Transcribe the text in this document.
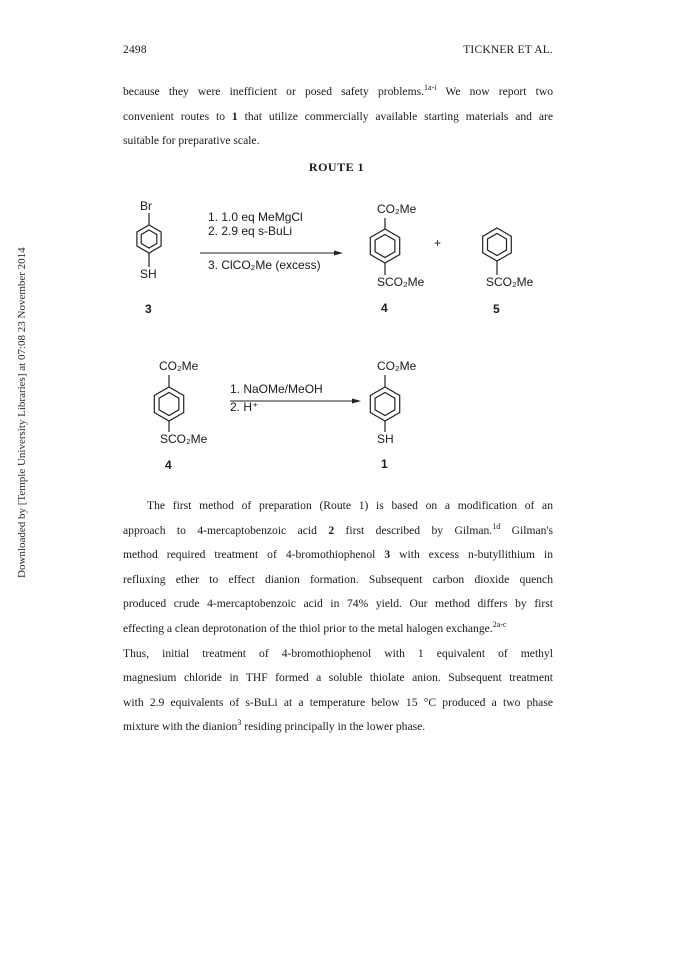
2498	TICKNER ET AL.
Downloaded by [Temple University Libraries] at 07:08 23 November 2014
because they were inefficient or posed safety problems.$^{1a-i}$ We now report two
convenient routes to 1 that utilize commercially available starting materials and are
suitable for preparative scale.
ROUTE 1
Br
SH
3
1. 1.0 eq MeMgCl
2. 2.9 eq s-BuLi
3. ClCO₂Me (excess)
CO₂Me
SCO₂Me
4
+
SCO₂Me
5
CO₂Me
SCO₂Me
4
1. NaOMe/MeOH
2. H⁺
CO₂Me
SH
1
The first method of preparation (Route 1) is based on a modification of an
approach to 4-mercaptobenzoic acid 2 first described by Gilman.$^{1d}$ Gilman's
method required treatment of 4-bromothiophenol 3 with excess n-butyllithium in
refluxing ether to effect dianion formation. Subsequent carbon dioxide quench
produced crude 4-mercaptobenzoic acid in 74% yield. Our method differs by first
effecting a clean deprotonation of the thiol prior to the metal halogen exchange.$^{2a-c}$
Thus, initial treatment of 4-bromothiophenol with 1 equivalent of methyl
magnesium chloride in THF formed a soluble thiolate anion. Subsequent treatment
with 2.9 equivalents of s-BuLi at a temperature below 15 °C produced a two phase
mixture with the dianion$^3$ residing principally in the lower phase.
